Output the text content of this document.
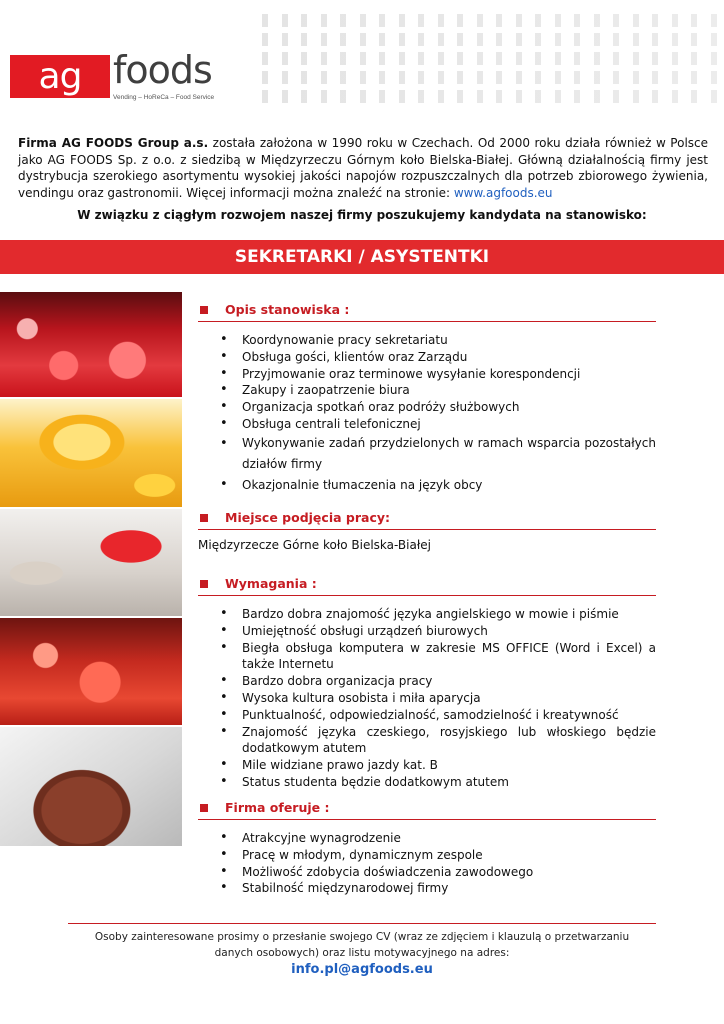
ag foods
Vending – HoReCa – Food Service

Firma AG FOODS Group a.s. została założona w 1990 roku w Czechach. Od 2000 roku działa również w Polsce jako AG FOODS Sp. z o.o. z siedzibą w Międzyrzeczu Górnym koło Bielska-Białej. Główną działalnością firmy jest dystrybucja szerokiego asortymentu wysokiej jakości napojów rozpuszczalnych dla potrzeb zbiorowego żywienia, vendingu oraz gastronomii. Więcej informacji można znaleźć na stronie: www.agfoods.eu

W związku z ciągłym rozwojem naszej firmy poszukujemy kandydata na stanowisko:
SEKRETARKI / ASYSTENTKI
Opis stanowiska :
• Koordynowanie pracy sekretariatu
• Obsługa gości, klientów oraz Zarządu
• Przyjmowanie oraz terminowe wysyłanie korespondencji
• Zakupy i zaopatrzenie biura
• Organizacja spotkań oraz podróży służbowych
• Obsługa centrali telefonicznej
• Wykonywanie zadań przydzielonych w ramach wsparcia pozostałych działów firmy
• Okazjonalnie tłumaczenia na język obcy
Miejsce podjęcia pracy:
Międzyrzecze Górne koło Bielska-Białej
Wymagania :
• Bardzo dobra znajomość języka angielskiego w mowie i piśmie
• Umiejętność obsługi urządzeń biurowych
• Biegła obsługa komputera w zakresie MS OFFICE (Word i Excel) a także Internetu
• Bardzo dobra organizacja pracy
• Wysoka kultura osobista i miła aparycja
• Punktualność, odpowiedzialność, samodzielność i kreatywność
• Znajomość języka czeskiego, rosyjskiego lub włoskiego będzie dodatkowym atutem
• Mile widziane prawo jazdy kat. B
• Status studenta będzie dodatkowym atutem
Firma oferuje :
• Atrakcyjne wynagrodzenie
• Pracę w młodym, dynamicznym zespole
• Możliwość zdobycia doświadczenia zawodowego
• Stabilność międzynarodowej firmy
Osoby zainteresowane prosimy o przesłanie swojego CV (wraz ze zdjęciem i klauzulą o przetwarzaniu danych osobowych) oraz listu motywacyjnego na adres:
info.pl@agfoods.eu
